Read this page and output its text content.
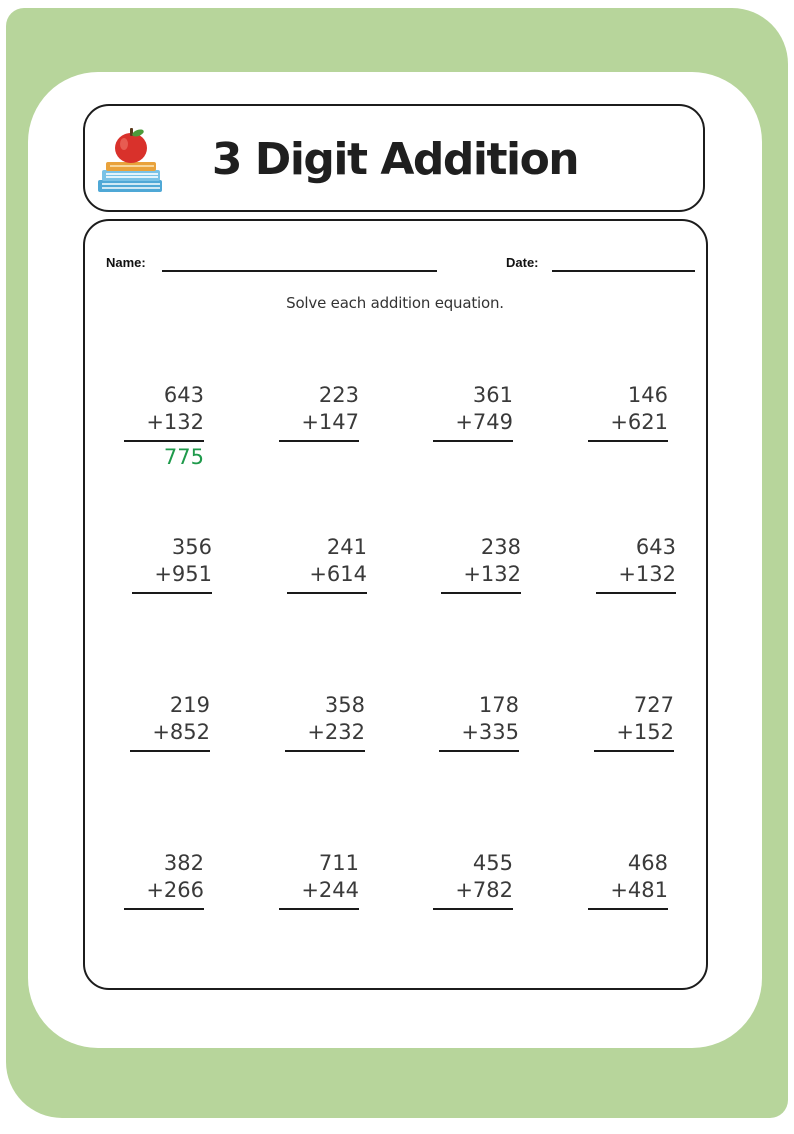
3 Digit Addition
Name:	Date:
Solve each addition equation.
643
+132
775
223
+147
361
+749
146
+621
356
+951
241
+614
238
+132
643
+132
219
+852
358
+232
178
+335
727
+152
382
+266
711
+244
455
+782
468
+481
